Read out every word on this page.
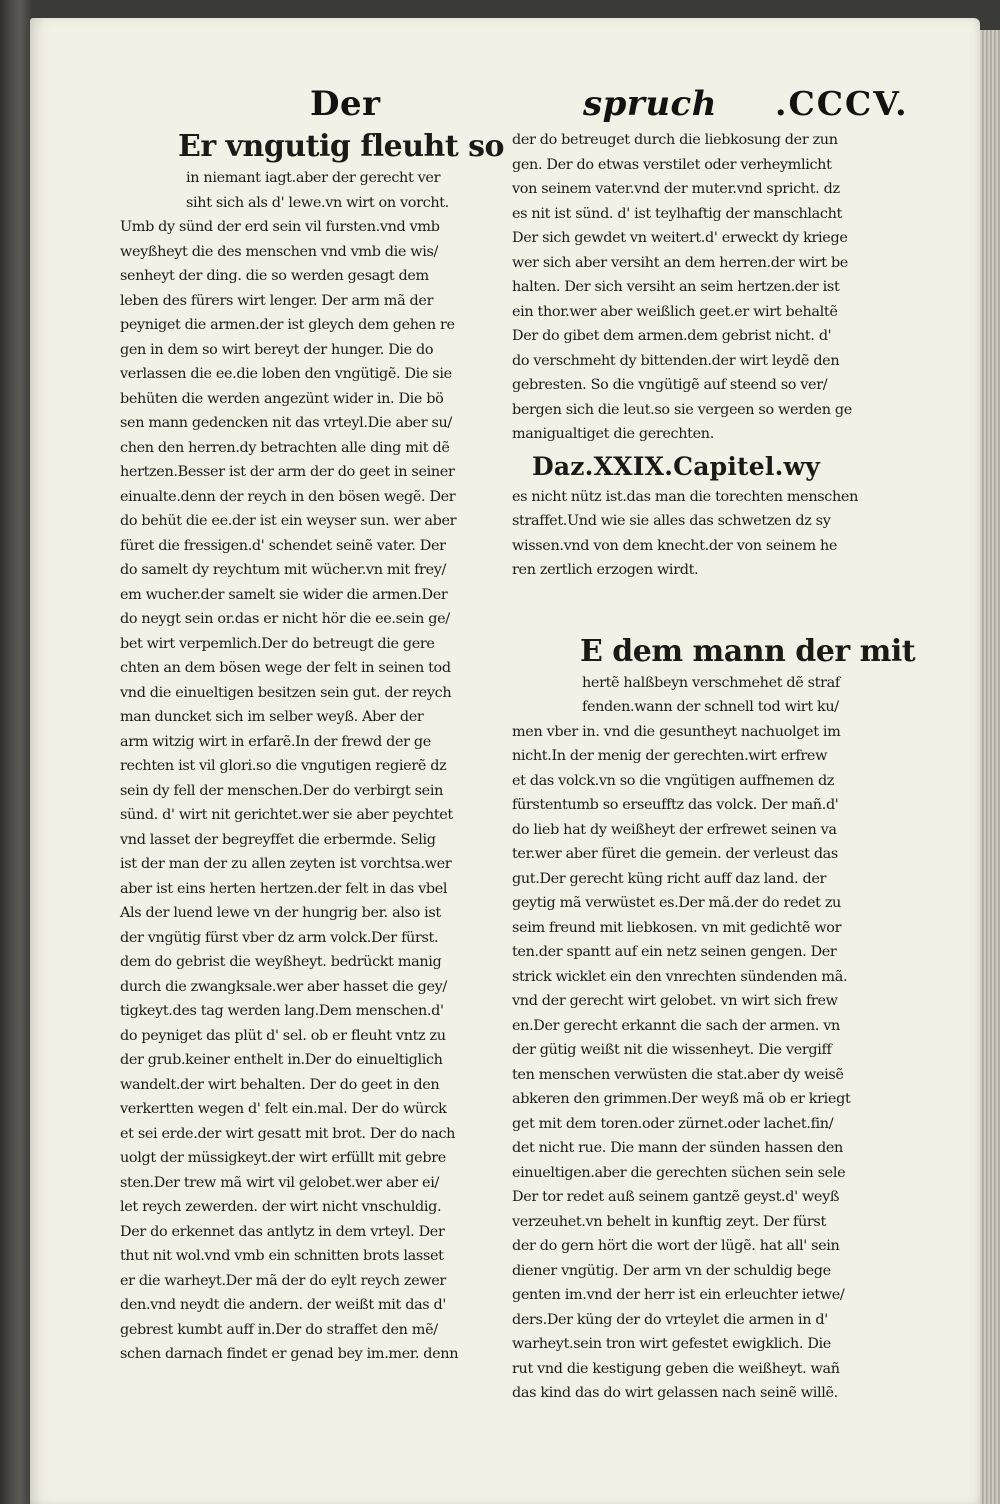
Der	spruch .CCCV.
Er vngutig fleuht so
in niemant iagt.aber der gerecht ver
siht sich als d' lewe.vn wirt on vorcht.
Umb dy sünd der erd sein vil fursten.vnd vmb
weyßheyt die des menschen vnd vmb die wis/
senheyt der ding. die so werden gesagt dem
leben des fürers wirt lenger. Der arm mã der
peyniget die armen.der ist gleych dem gehen re
gen in dem so wirt bereyt der hunger. Die do
verlassen die ee.die loben den vngütigẽ. Die sie
behüten die werden angezünt wider in. Die bö
sen mann gedencken nit das vrteyl.Die aber su/
chen den herren.dy betrachten alle ding mit dẽ
hertzen.Besser ist der arm der do geet in seiner
einualte.denn der reych in den bösen wegẽ. Der
do behüt die ee.der ist ein weyser sun. wer aber
füret die fressigen.d' schendet seinẽ vater. Der
do samelt dy reychtum mit wücher.vn mit frey/
em wucher.der samelt sie wider die armen.Der
do neygt sein or.das er nicht hör die ee.sein ge/
bet wirt verpemlich.Der do betreugt die gere
chten an dem bösen wege der felt in seinen tod
vnd die einueltigen besitzen sein gut. der reych
man duncket sich im selber weyß. Aber der
arm witzig wirt in erfarẽ.In der frewd der ge
rechten ist vil glori.so die vngutigen regierẽ dz
sein dy fell der menschen.Der do verbirgt sein
sünd. d' wirt nit gerichtet.wer sie aber peychtet
vnd lasset der begreyffet die erbermde. Selig
ist der man der zu allen zeyten ist vorchtsa.wer
aber ist eins herten hertzen.der felt in das vbel
Als der luend lewe vn der hungrig ber. also ist
der vngütig fürst vber dz arm volck.Der fürst.
dem do gebrist die weyßheyt. bedrückt manig
durch die zwangksale.wer aber hasset die gey/
tigkeyt.des tag werden lang.Dem menschen.d'
do peyniget das plüt d' sel. ob er fleuht vntz zu
der grub.keiner enthelt in.Der do einueltiglich
wandelt.der wirt behalten. Der do geet in den
verkertten wegen d' felt ein.mal. Der do würck
et sei erde.der wirt gesatt mit brot. Der do nach
uolgt der müssigkeyt.der wirt erfüllt mit gebre
sten.Der trew mã wirt vil gelobet.wer aber ei/
let reych zewerden. der wirt nicht vnschuldig.
Der do erkennet das antlytz in dem vrteyl. Der
thut nit wol.vnd vmb ein schnitten brots lasset
er die warheyt.Der mã der do eylt reych zewer
den.vnd neydt die andern. der weißt mit das d'
gebrest kumbt auff in.Der do straffet den mẽ/
schen darnach findet er genad bey im.mer. denn
der do betreuget durch die liebkosung der zun
gen. Der do etwas verstilet oder verheymlicht
von seinem vater.vnd der muter.vnd spricht. dz
es nit ist sünd. d' ist teylhaftig der manschlacht
Der sich gewdet vn weitert.d' erweckt dy kriege
wer sich aber versiht an dem herren.der wirt be
halten. Der sich versiht an seim hertzen.der ist
ein thor.wer aber weißlich geet.er wirt behaltẽ
Der do gibet dem armen.dem gebrist nicht. d'
do verschmeht dy bittenden.der wirt leydẽ den
gebresten. So die vngütigẽ auf steend so ver/
bergen sich die leut.so sie vergeen so werden ge
manigualtiget die gerechten.
Daz.XXIX.Capitel.wy
es nicht nütz ist.das man die torechten menschen
straffet.Und wie sie alles das schwetzen dz sy
wissen.vnd von dem knecht.der von seinem he
ren zertlich erzogen wirdt.
E dem mann der mit
hertẽ halßbeyn verschmehet dẽ straf
fenden.wann der schnell tod wirt ku/
men vber in. vnd die gesuntheyt nachuolget im
nicht.In der menig der gerechten.wirt erfrew
et das volck.vn so die vngütigen auffnemen dz
fürstentumb so erseufftz das volck. Der mañ.d'
do lieb hat dy weißheyt der erfrewet seinen va
ter.wer aber füret die gemein. der verleust das
gut.Der gerecht küng richt auff daz land. der
geytig mã verwüstet es.Der mã.der do redet zu
seim freund mit liebkosen. vn mit gedichtẽ wor
ten.der spantt auf ein netz seinen gengen. Der
strick wicklet ein den vnrechten sündenden mã.
vnd der gerecht wirt gelobet. vn wirt sich frew
en.Der gerecht erkannt die sach der armen. vn
der gütig weißt nit die wissenheyt. Die vergiff
ten menschen verwüsten die stat.aber dy weisẽ
abkeren den grimmen.Der weyß mã ob er kriegt
get mit dem toren.oder zürnet.oder lachet.fin/
det nicht rue. Die mann der sünden hassen den
einueltigen.aber die gerechten süchen sein sele
Der tor redet auß seinem gantzẽ geyst.d' weyß
verzeuhet.vn behelt in kunftig zeyt. Der fürst
der do gern hört die wort der lügẽ. hat all' sein
diener vngütig. Der arm vn der schuldig bege
genten im.vnd der herr ist ein erleuchter ietwe/
ders.Der küng der do vrteylet die armen in d'
warheyt.sein tron wirt gefestet ewigklich. Die
rut vnd die kestigung geben die weißheyt. wañ
das kind das do wirt gelassen nach seinẽ willẽ.
